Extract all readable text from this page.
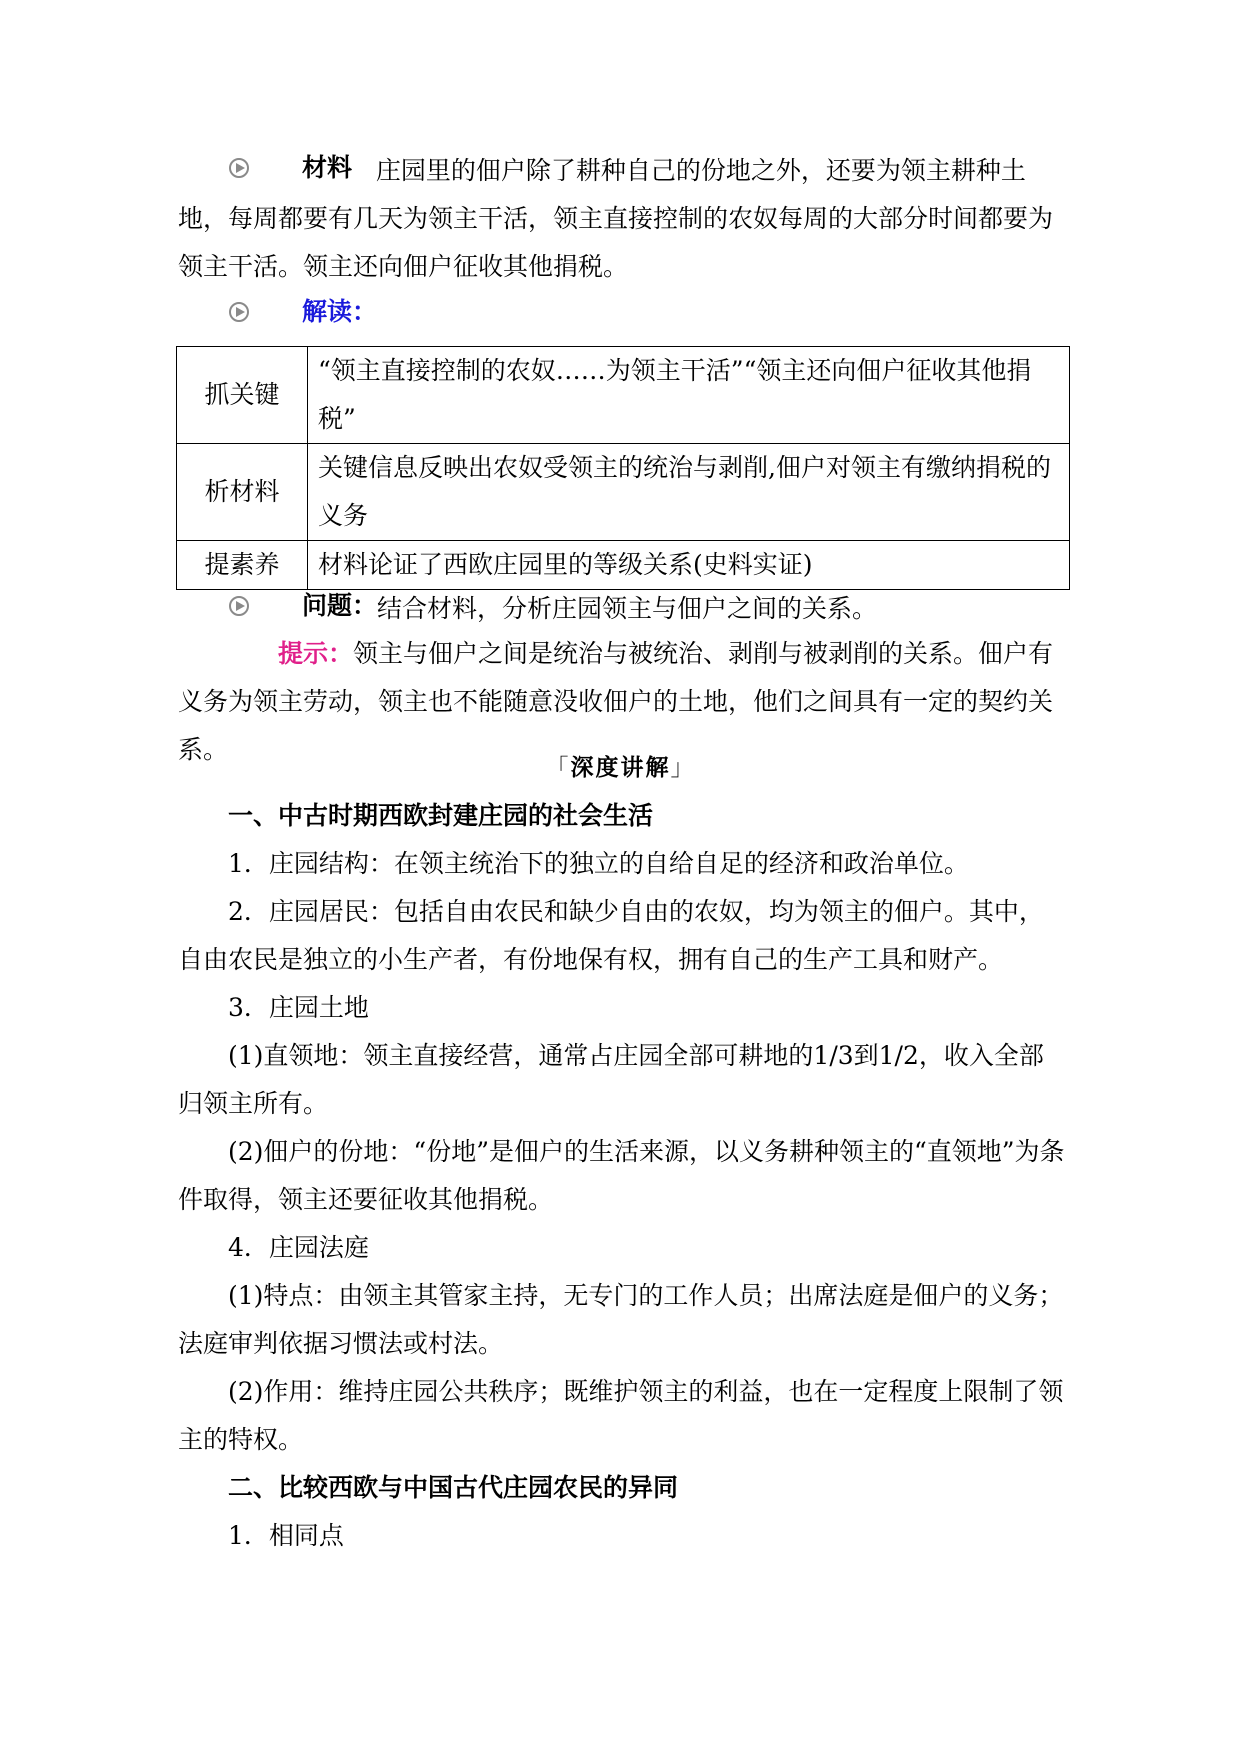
材料 庄园里的佃户除了耕种自己的份地之外，还要为领主耕种土地，每周都要有几天为领主干活，领主直接控制的农奴每周的大部分时间都要为领主干活。领主还向佃户征收其他捐税。
解读：
抓关键	“领主直接控制的农奴……为领主干活”“领主还向佃户征收其他捐税”
析材料	关键信息反映出农奴受领主的统治与剥削,佃户对领主有缴纳捐税的义务
提素养	材料论证了西欧庄园里的等级关系(史料实证)
问题： 结合材料，分析庄园领主与佃户之间的关系。
提示：领主与佃户之间是统治与被统治、剥削与被剥削的关系。佃户有义务为领主劳动，领主也不能随意没收佃户的土地，他们之间具有一定的契约关系。
「深度讲解」
一、中古时期西欧封建庄园的社会生活
1．庄园结构：在领主统治下的独立的自给自足的经济和政治单位。
2．庄园居民：包括自由农民和缺少自由的农奴，均为领主的佃户。其中，自由农民是独立的小生产者，有份地保有权，拥有自己的生产工具和财产。
3．庄园土地
(1)直领地：领主直接经营，通常占庄园全部可耕地的1/3到1/2，收入全部归领主所有。
(2)佃户的份地：“份地”是佃户的生活来源，以义务耕种领主的“直领地”为条件取得，领主还要征收其他捐税。
4．庄园法庭
(1)特点：由领主其管家主持，无专门的工作人员；出席法庭是佃户的义务；法庭审判依据习惯法或村法。
(2)作用：维持庄园公共秩序；既维护领主的利益，也在一定程度上限制了领主的特权。
二、比较西欧与中国古代庄园农民的异同
1．相同点
